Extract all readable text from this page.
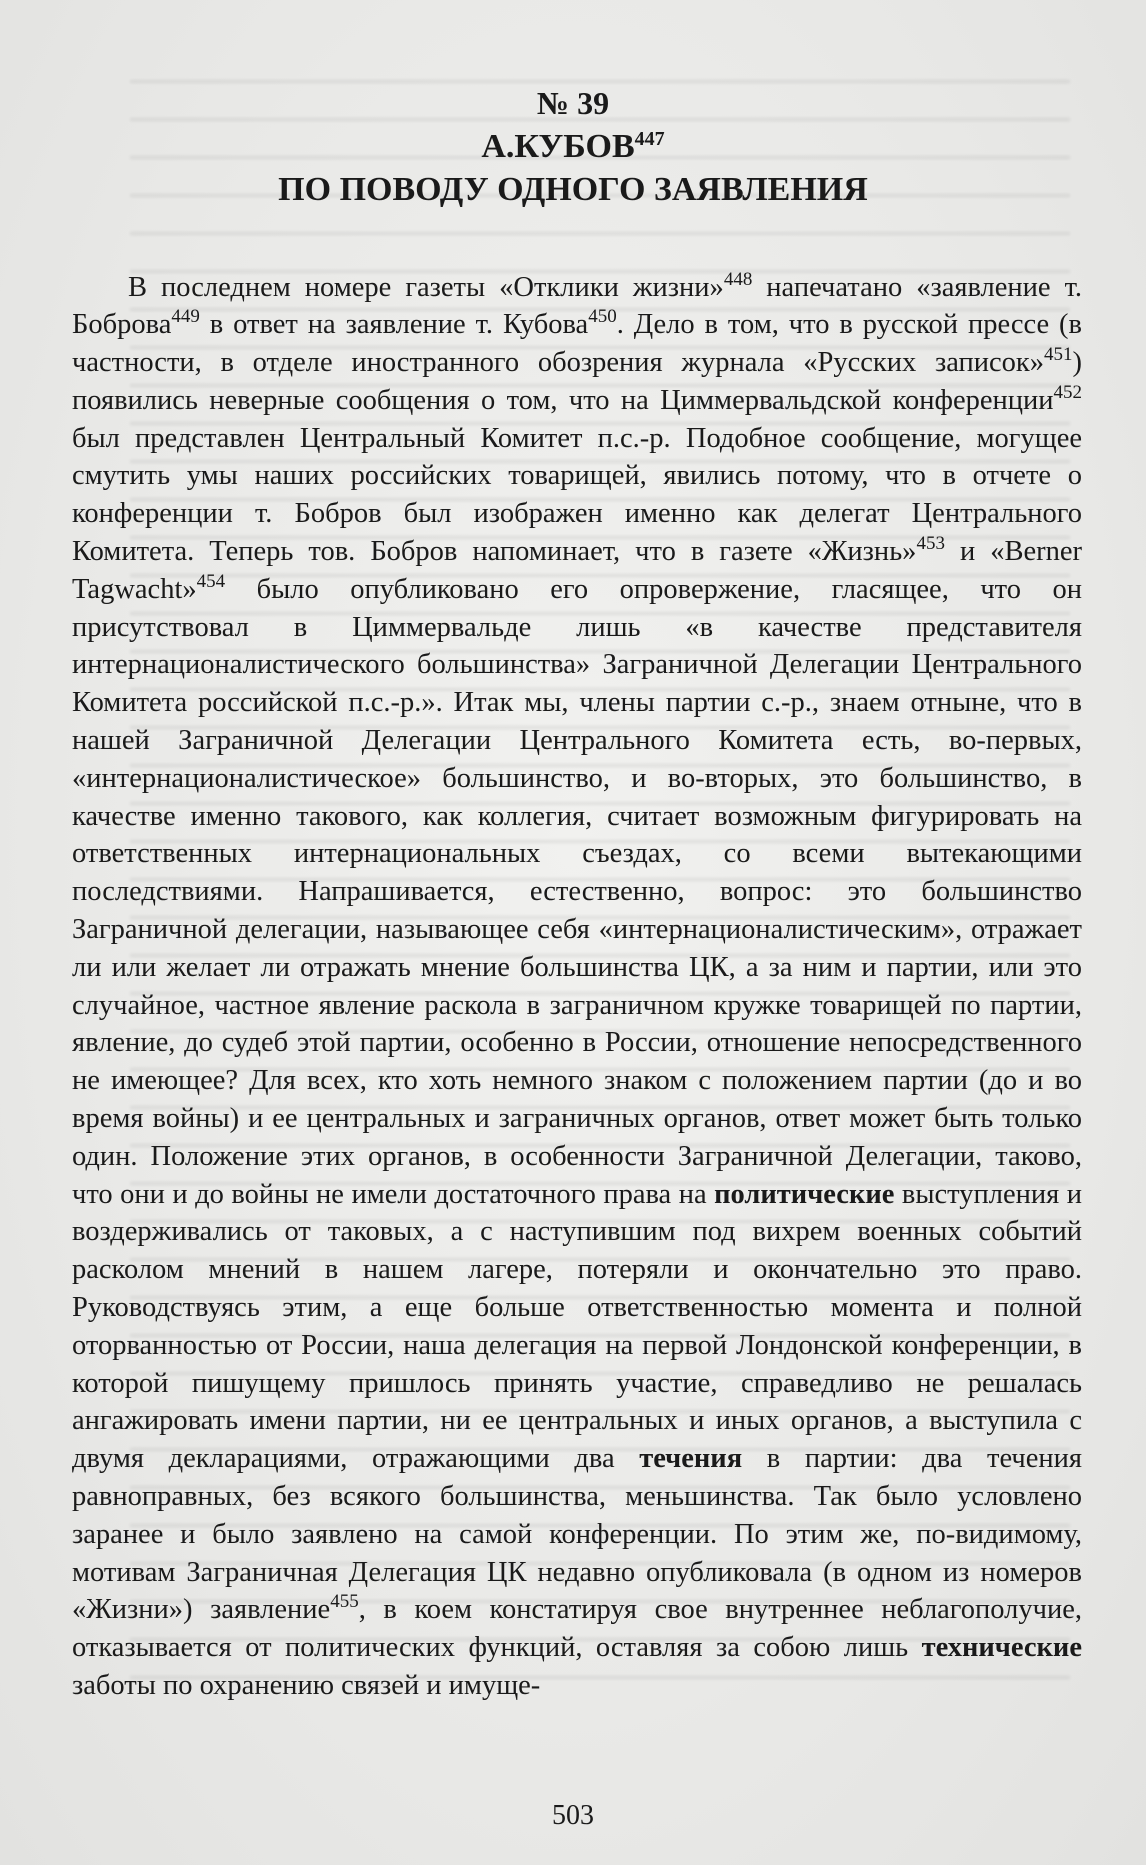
№ 39
А.КУБОВ$^{447}$
ПО ПОВОДУ ОДНОГО ЗАЯВЛЕНИЯ

В последнем номере газеты «Отклики жизни»$^{448}$ напечатано «заявление т. Боброва$^{449}$ в ответ на заявление т. Кубова$^{450}$. Дело в том, что в русской прессе (в частности, в отделе иностранного обозрения журнала «Русских записок»$^{451}$) появились неверные сообщения о том, что на Циммервальдской конференции$^{452}$ был представлен Центральный Комитет п.с.-р. Подобное сообщение, могущее смутить умы наших российских товарищей, явились потому, что в отчете о конференции т. Бобров был изображен именно как делегат Центрального Комитета. Теперь тов. Бобров напоминает, что в газете «Жизнь»$^{453}$ и «Berner Tagwacht»$^{454}$ было опубликовано его опровержение, гласящее, что он присутствовал в Циммервальде лишь «в качестве представителя интернационалистического большинства» Заграничной Делегации Центрального Комитета российской п.с.-р.». Итак мы, члены партии с.-р., знаем отныне, что в нашей Заграничной Делегации Центрального Комитета есть, во-первых, «интернационалистическое» большинство, и во-вторых, это большинство, в качестве именно такового, как коллегия, считает возможным фигурировать на ответственных интернациональных съездах, со всеми вытекающими последствиями. Напрашивается, естественно, вопрос: это большинство Заграничной делегации, называющее себя «интернационалистическим», отражает ли или желает ли отражать мнение большинства ЦК, а за ним и партии, или это случайное, частное явление раскола в заграничном кружке товарищей по партии, явление, до судеб этой партии, особенно в России, отношение непосредственного не имеющее? Для всех, кто хоть немного знаком с положением партии (до и во время войны) и ее центральных и заграничных органов, ответ может быть только один. Положение этих органов, в особенности Заграничной Делегации, таково, что они и до войны не имели достаточного права на политические выступления и воздерживались от таковых, а с наступившим под вихрем военных событий расколом мнений в нашем лагере, потеряли и окончательно это право. Руководствуясь этим, а еще больше ответственностью момента и полной оторванностью от России, наша делегация на первой Лондонской конференции, в которой пишущему пришлось принять участие, справедливо не решалась ангажировать имени партии, ни ее центральных и иных органов, а выступила с двумя декларациями, отражающими два течения в партии: два течения равноправных, без всякого большинства, меньшинства. Так было условлено заранее и было заявлено на самой конференции. По этим же, по-видимому, мотивам Заграничная Делегация ЦК недавно опубликовала (в одном из номеров «Жизни») заявление$^{455}$, в коем констатируя свое внутреннее неблагополучие, отказывается от политических функций, оставляя за собою лишь технические заботы по охранению связей и имуще-

503
